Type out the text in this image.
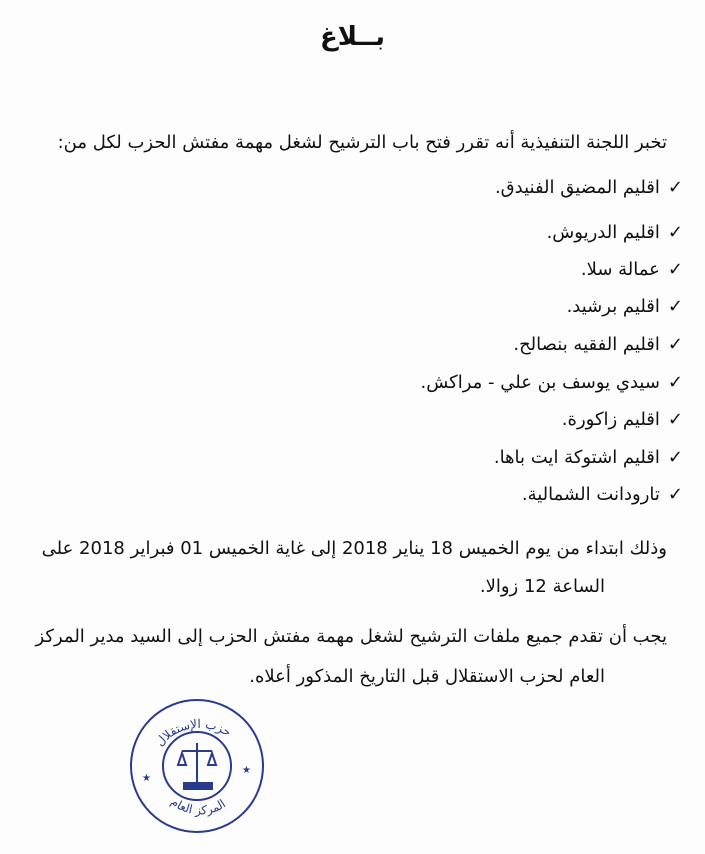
بــلاغ
تخبر اللجنة التنفيذية أنه تقرر فتح باب الترشيح لشغل مهمة مفتش الحزب لكل من:
✓
اقليم المضيق الفنيدق.
✓
اقليم الدريوش.
✓
عمالة سلا.
✓
اقليم برشيد.
✓
اقليم الفقيه بنصالح.
✓
سيدي يوسف بن علي - مراكش.
✓
اقليم زاكورة.
✓
اقليم اشتوكة ايت باها.
✓
تارودانت الشمالية.
وذلك ابتداء من يوم الخميس 18 يناير 2018 إلى غاية الخميس 01 فبراير 2018 على
الساعة 12 زوالا.
يجب أن تقدم جميع ملفات الترشيح لشغل مهمة مفتش الحزب إلى السيد مدير المركز
العام لحزب الاستقلال قبل التاريخ المذكور أعلاه.
حزب الإستقلال
المركز العام
★
★
